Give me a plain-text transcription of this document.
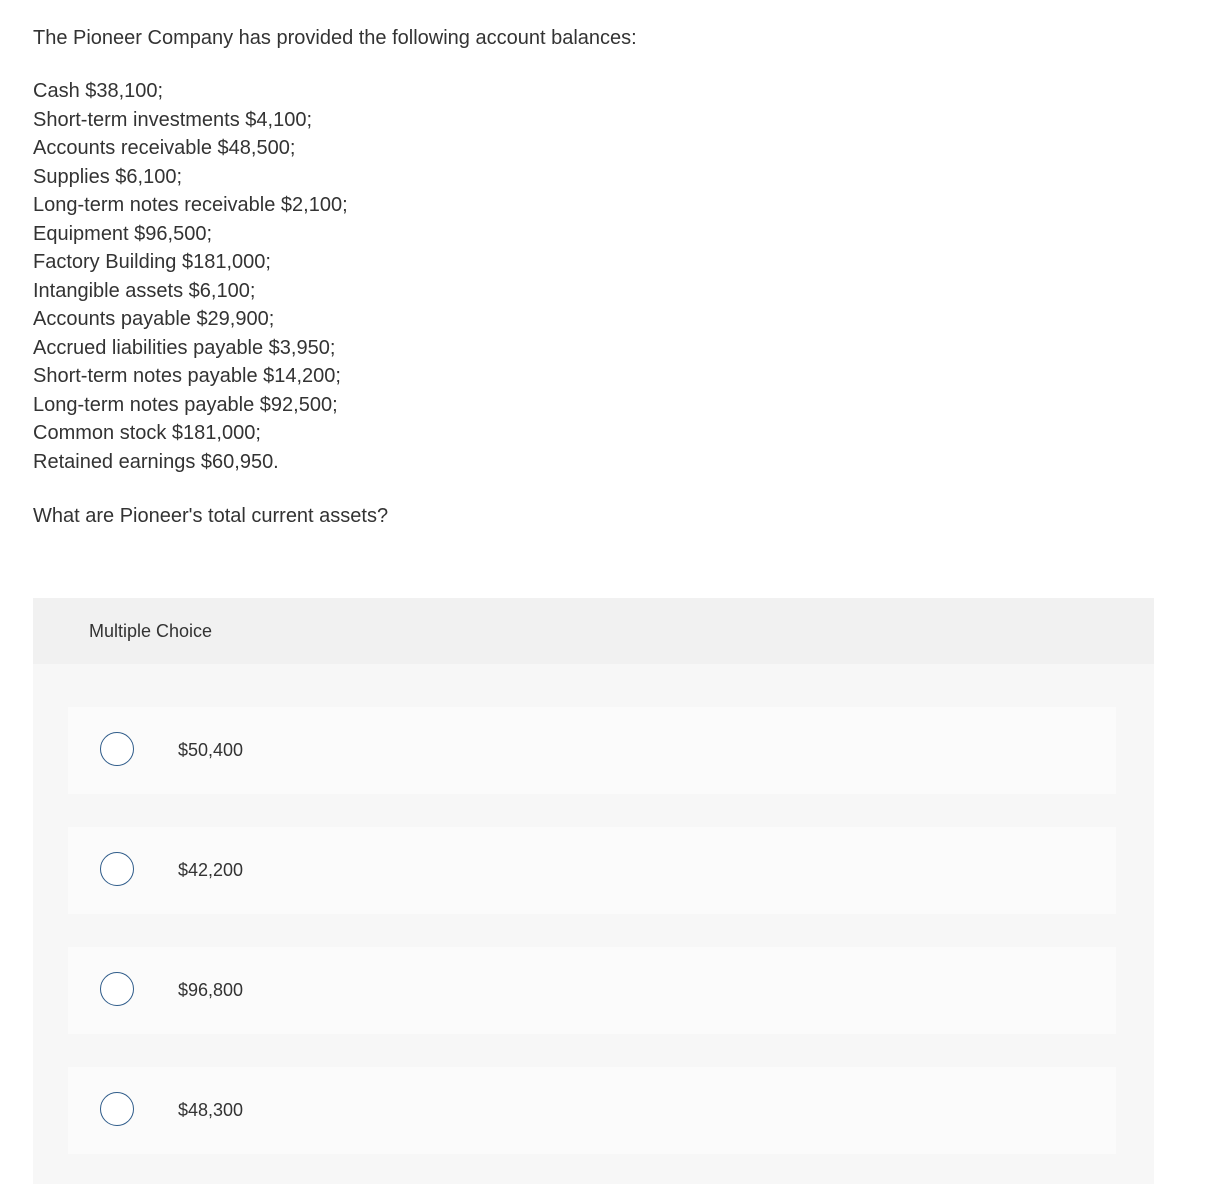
The Pioneer Company has provided the following account balances:

Cash $38,100;
Short-term investments $4,100;
Accounts receivable $48,500;
Supplies $6,100;
Long-term notes receivable $2,100;
Equipment $96,500;
Factory Building $181,000;
Intangible assets $6,100;
Accounts payable $29,900;
Accrued liabilities payable $3,950;
Short-term notes payable $14,200;
Long-term notes payable $92,500;
Common stock $181,000;
Retained earnings $60,950.

What are Pioneer's total current assets?

Multiple Choice
$50,400
$42,200
$96,800
$48,300
